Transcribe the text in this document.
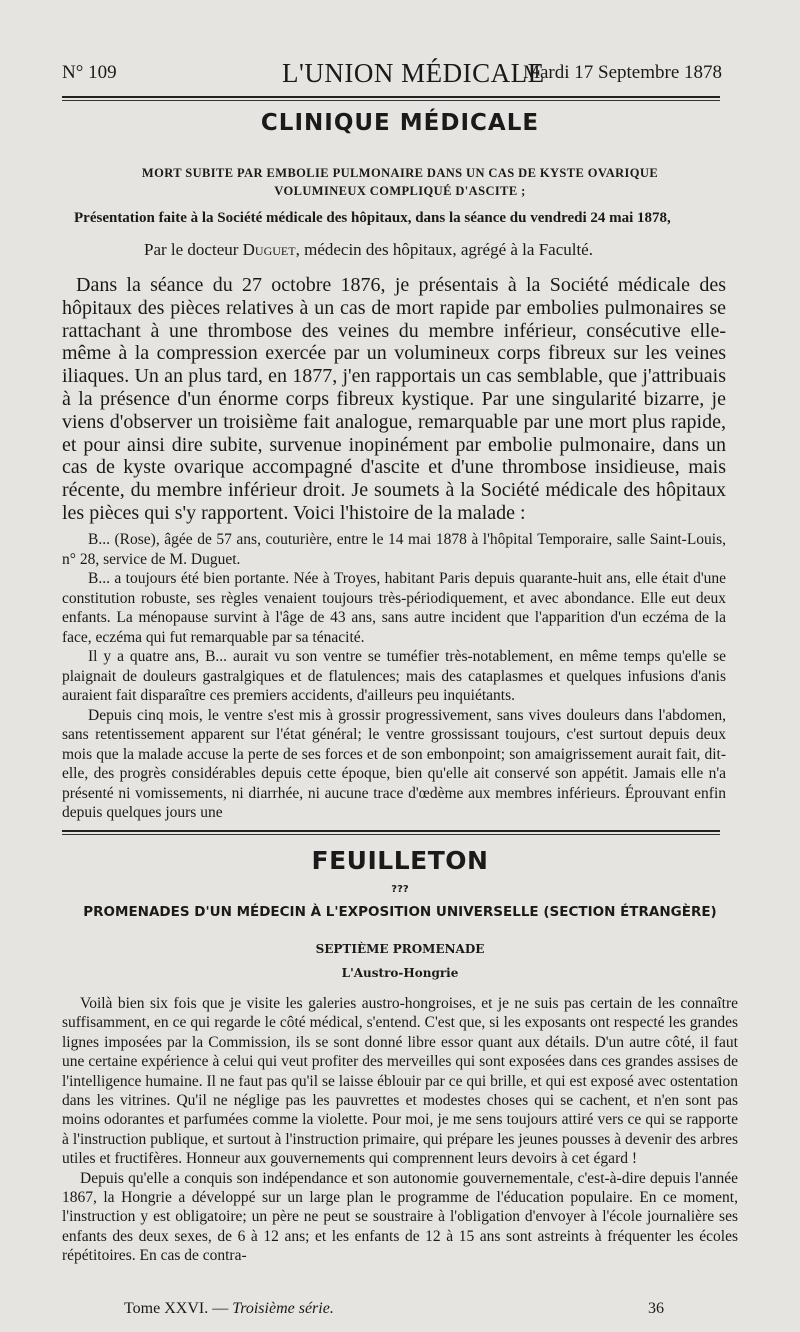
N° 109	L'UNION MÉDICALE
Mardi 17 Septembre 1878
CLINIQUE MÉDICALE
MORT SUBITE PAR EMBOLIE PULMONAIRE DANS UN CAS DE KYSTE OVARIQUE
VOLUMINEUX COMPLIQUÉ D'ASCITE ;
Présentation faite à la Société médicale des hôpitaux, dans la séance du vendredi 24 mai 1878,
Par le docteur Duguet, médecin des hôpitaux, agrégé à la Faculté.

Dans la séance du 27 octobre 1876, je présentais à la Société médicale des hôpitaux des pièces relatives à un cas de mort rapide par embolies pulmonaires se rattachant à une thrombose des veines du membre inférieur, consécutive elle-même à la compression exercée par un volumineux corps fibreux sur les veines iliaques. Un an plus tard, en 1877, j'en rapportais un cas semblable, que j'attribuais à la présence d'un énorme corps fibreux kystique. Par une singularité bizarre, je viens d'observer un troisième fait analogue, remarquable par une mort plus rapide, et pour ainsi dire subite, survenue inopinément par embolie pulmonaire, dans un cas de kyste ovarique accompagné d'ascite et d'une thrombose insidieuse, mais récente, du membre inférieur droit. Je soumets à la Société médicale des hôpitaux les pièces qui s'y rapportent. Voici l'histoire de la malade :

B... (Rose), âgée de 57 ans, couturière, entre le 14 mai 1878 à l'hôpital Temporaire, salle Saint-Louis, n° 28, service de M. Duguet.

B... a toujours été bien portante. Née à Troyes, habitant Paris depuis quarante-huit ans, elle était d'une constitution robuste, ses règles venaient toujours très-périodiquement, et avec abondance. Elle eut deux enfants. La ménopause survint à l'âge de 43 ans, sans autre incident que l'apparition d'un eczéma de la face, eczéma qui fut remarquable par sa ténacité.

Il y a quatre ans, B... aurait vu son ventre se tuméfier très-notablement, en même temps qu'elle se plaignait de douleurs gastralgiques et de flatulences; mais des cataplasmes et quelques infusions d'anis auraient fait disparaître ces premiers accidents, d'ailleurs peu inquiétants.

Depuis cinq mois, le ventre s'est mis à grossir progressivement, sans vives douleurs dans l'abdomen, sans retentissement apparent sur l'état général; le ventre grossissant toujours, c'est surtout depuis deux mois que la malade accuse la perte de ses forces et de son embonpoint; son amaigrissement aurait fait, dit-elle, des progrès considérables depuis cette époque, bien qu'elle ait conservé son appétit. Jamais elle n'a présenté ni vomissements, ni diarrhée, ni aucune trace d'œdème aux membres inférieurs. Éprouvant enfin depuis quelques jours une

FEUILLETON
???
PROMENADES D'UN MÉDECIN À L'EXPOSITION UNIVERSELLE (SECTION ÉTRANGÈRE)
SEPTIÈME PROMENADE
L'Austro-Hongrie

Voilà bien six fois que je visite les galeries austro-hongroises, et je ne suis pas certain de les connaître suffisamment, en ce qui regarde le côté médical, s'entend. C'est que, si les exposants ont respecté les grandes lignes imposées par la Commission, ils se sont donné libre essor quant aux détails. D'un autre côté, il faut une certaine expérience à celui qui veut profiter des merveilles qui sont exposées dans ces grandes assises de l'intelligence humaine. Il ne faut pas qu'il se laisse éblouir par ce qui brille, et qui est exposé avec ostentation dans les vitrines. Qu'il ne néglige pas les pauvrettes et modestes choses qui se cachent, et n'en sont pas moins odorantes et parfumées comme la violette. Pour moi, je me sens toujours attiré vers ce qui se rapporte à l'instruction publique, et surtout à l'instruction primaire, qui prépare les jeunes pousses à devenir des arbres utiles et fructifères. Honneur aux gouvernements qui comprennent leurs devoirs à cet égard !

Depuis qu'elle a conquis son indépendance et son autonomie gouvernementale, c'est-à-dire depuis l'année 1867, la Hongrie a développé sur un large plan le programme de l'éducation populaire. En ce moment, l'instruction y est obligatoire; un père ne peut se soustraire à l'obligation d'envoyer à l'école journalière ses enfants des deux sexes, de 6 à 12 ans; et les enfants de 12 à 15 ans sont astreints à fréquenter les écoles répétitoires. En cas de contra-

Tome XXVI. — Troisième série.	36
